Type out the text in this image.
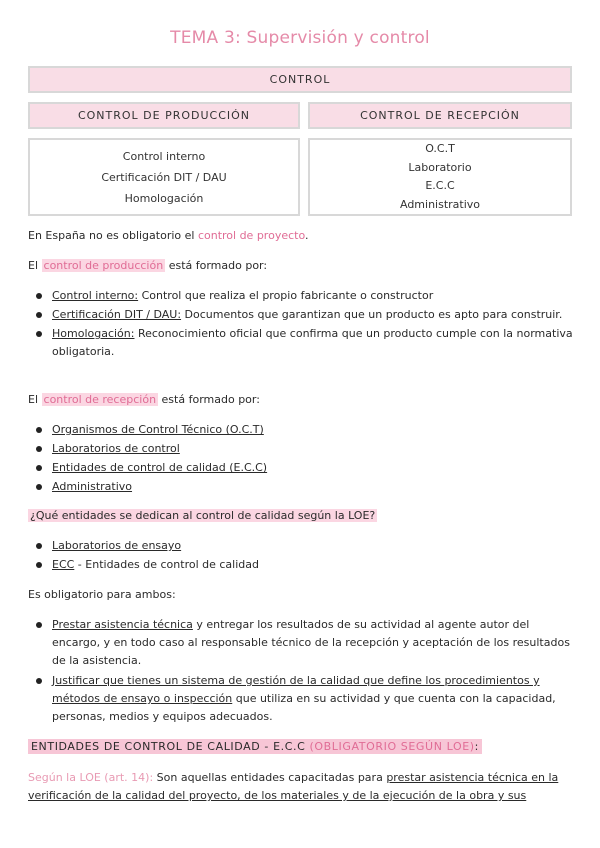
TEMA 3: Supervisión y control
CONTROL
CONTROL DE PRODUCCIÓN	CONTROL DE RECEPCIÓN
Control interno
Certificación DIT / DAU
Homologación
O.C.T
Laboratorio
E.C.C
Administrativo
En España no es obligatorio el control de proyecto.
El control de producción está formado por:
Control interno: Control que realiza el propio fabricante o constructor
Certificación DIT / DAU: Documentos que garantizan que un producto es apto para construir.
Homologación: Reconocimiento oficial que confirma que un producto cumple con la normativa obligatoria.
El control de recepción está formado por:
Organismos de Control Técnico (O.C.T)
Laboratorios de control
Entidades de control de calidad (E.C.C)
Administrativo
¿Qué entidades se dedican al control de calidad según la LOE?
Laboratorios de ensayo
ECC - Entidades de control de calidad
Es obligatorio para ambos:
Prestar asistencia técnica y entregar los resultados de su actividad al agente autor del encargo, y en todo caso al responsable técnico de la recepción y aceptación de los resultados de la asistencia.
Justificar que tienes un sistema de gestión de la calidad que define los procedimientos y métodos de ensayo o inspección que utiliza en su actividad y que cuenta con la capacidad, personas, medios y equipos adecuados.
ENTIDADES DE CONTROL DE CALIDAD - E.C.C (OBLIGATORIO SEGÚN LOE):
Según la LOE (art. 14): Son aquellas entidades capacitadas para prestar asistencia técnica en la verificación de la calidad del proyecto, de los materiales y de la ejecución de la obra y sus
